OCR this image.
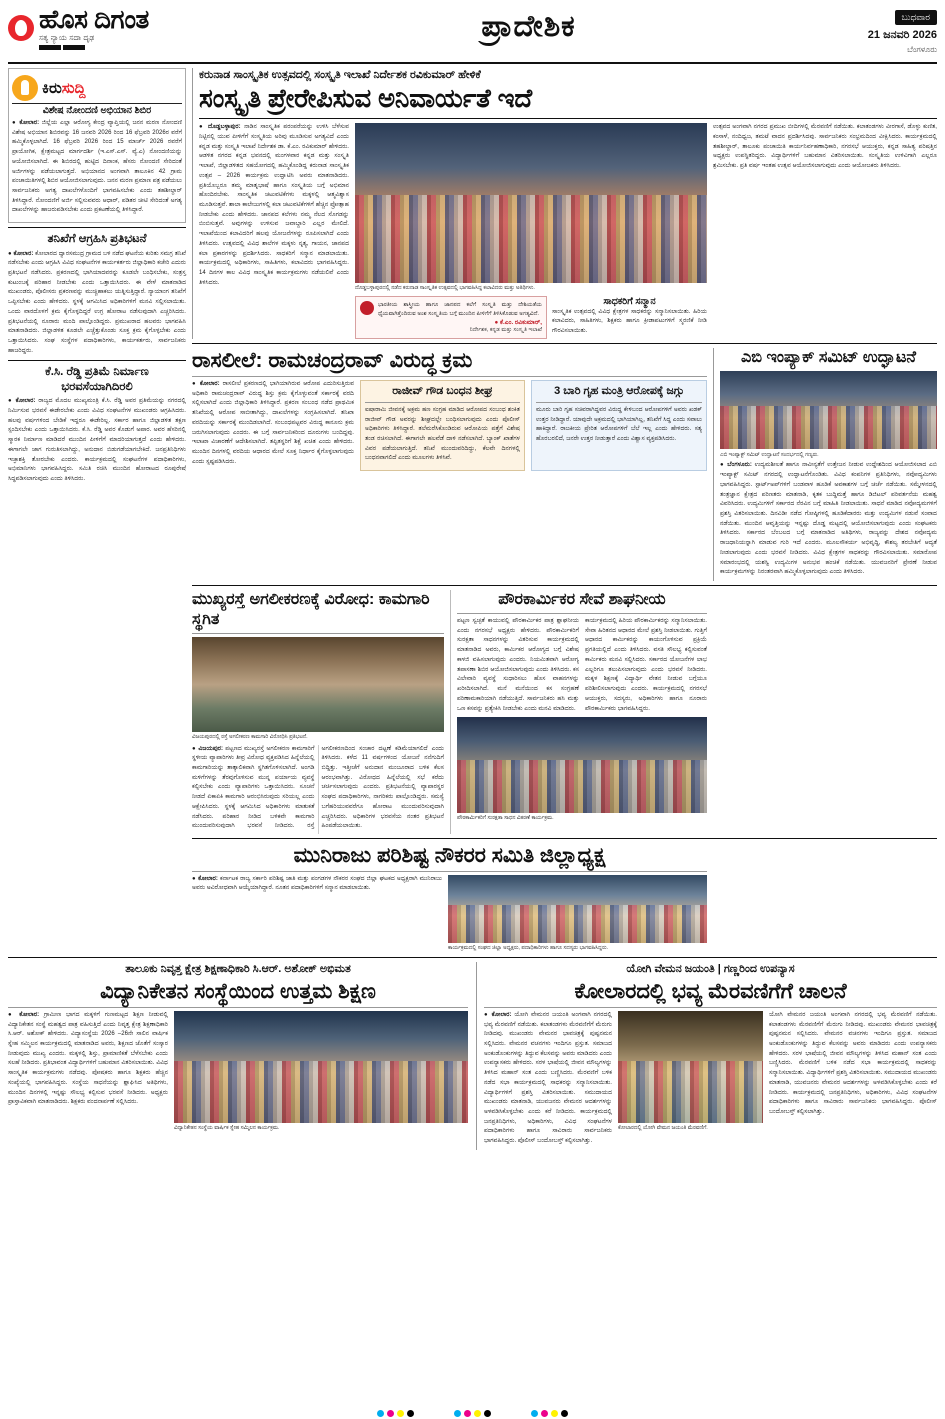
ಹೊಸ ದಿಗಂತ
ಸತ್ಯ ನ್ಯಾಯ ಸದಾ ದೃಢ	ಪ್ರಾದೇಶಿಕ	ಬುಧವಾರ
21 ಜನವರಿ 2026
ಬೆಂಗಳೂರು
ಕಿರುಸುದ್ದಿ
ವಿಶೇಷ ನೋಂದಣಿ ಅಭಿಯಾನ ಶಿಬಿರ

● ಕೋಲಾರ: ಜಿಲ್ಲೆಯ ಎಲ್ಲಾ ಆರೋಗ್ಯ ಕೇಂದ್ರ ವ್ಯಾಪ್ತಿಯಲ್ಲಿ ಜನನ ಮರಣ ನೋಂದಣಿ ವಿಶೇಷ ಅಭಿಯಾನ ಶಿಬಿರವನ್ನು 16 ಜನವರಿ 2026 ರಿಂದ 16 ಫೆಬ್ರವರಿ 2026ರ ವರೆಗೆ ಹಮ್ಮಿಕೊಳ್ಳಲಾಗಿದೆ. 16 ಫೆಬ್ರವರಿ 2026 ರಿಂದ 15 ಮಾರ್ಚ್ 2026 ರವರೆಗೆ ಪ್ರಾಯೋಗಿಕ, ಕ್ಷೇತ್ರಮಟ್ಟದ ಮಾರ್ಗದರ್ಶಿ (ಇ.ಎಸ್.ಎಸ್. ವ್ಯೆ.ಎ) ನೋಂದಣಿಯನ್ನು ಆಯೋಜಿಸಲಾಗಿದೆ. ಈ ಶಿಬಿರದಲ್ಲಿ ಹುಟ್ಟಿದ ದಿನಾಂಕ, ಹೆಸರು ನೋಂದಣಿ ಸೇರಿದಂತೆ ಅರ್ಜಿಗಳನ್ನು ಪಡೆಯಲಾಗುತ್ತದೆ. ಅಭಿಯಾನದ ಅಂಗವಾಗಿ ತಾಲೂಕಿನ 42 ಗ್ರಾಮ ಪಂಚಾಯಿತಿಗಳಲ್ಲಿ ಶಿಬಿರ ಆಯೋಜಿಸಲಾಗುವುದು. ಜನನ ಮರಣ ಪ್ರಮಾಣ ಪತ್ರ ಪಡೆಯಲು ಸಾರ್ವಜನಿಕರು ಅಗತ್ಯ ದಾಖಲೆಗಳೊಂದಿಗೆ ಭಾಗವಹಿಸಬೇಕು ಎಂದು ತಹಶೀಲ್ದಾರ್ ತಿಳಿಸಿದ್ದಾರೆ. ನೋಂದಣಿಗೆ ಅರ್ಜಿ ಸಲ್ಲಿಸುವವರು ಆಧಾರ್, ಪಡಿತರ ಚೀಟಿ ಸೇರಿದಂತೆ ಅಗತ್ಯ ದಾಖಲೆಗಳನ್ನು ಹಾಜರುಪಡಿಸಬೇಕು ಎಂದು ಪ್ರಕಟಣೆಯಲ್ಲಿ ತಿಳಿಸಿದ್ದಾರೆ.

ತನಿಖೆಗೆ ಆಗ್ರಹಿಸಿ ಪ್ರತಿಭಟನೆ

● ಕೋಲಾರ: ಕೋಲಾರದ ದ್ವಾರಸಮುದ್ರ ಗ್ರಾಮದ ಬಳಿ ನಡೆದ ಘಟನೆಯ ಕುರಿತು ಸಮಗ್ರ ತನಿಖೆ ನಡೆಸಬೇಕು ಎಂದು ಆಗ್ರಹಿಸಿ ವಿವಿಧ ಸಂಘಟನೆಗಳ ಕಾರ್ಯಕರ್ತರು ಜಿಲ್ಲಾಧಿಕಾರಿ ಕಚೇರಿ ಎದುರು ಪ್ರತಿಭಟನೆ ನಡೆಸಿದರು. ಪ್ರಕರಣದಲ್ಲಿ ಭಾಗಿಯಾದವರನ್ನು ಕೂಡಲೇ ಬಂಧಿಸಬೇಕು, ಸಂತ್ರಸ್ತ ಕುಟುಂಬಕ್ಕೆ ಪರಿಹಾರ ನೀಡಬೇಕು ಎಂದು ಒತ್ತಾಯಿಸಿದರು. ಈ ವೇಳೆ ಮಾತನಾಡಿದ ಮುಖಂಡರು, ಪೊಲೀಸರು ಪ್ರಕರಣವನ್ನು ಮುಚ್ಚಿಹಾಕಲು ಯತ್ನಿಸುತ್ತಿದ್ದಾರೆ. ನ್ಯಾಯಾಂಗ ತನಿಖೆಗೆ ಒಪ್ಪಿಸಬೇಕು ಎಂದು ಹೇಳಿದರು. ಸ್ಥಳಕ್ಕೆ ಆಗಮಿಸಿದ ಅಧಿಕಾರಿಗಳಿಗೆ ಮನವಿ ಸಲ್ಲಿಸಲಾಯಿತು. ಒಂದು ವಾರದೊಳಗೆ ಕ್ರಮ ಕೈಗೊಳ್ಳದಿದ್ದರೆ ಉಗ್ರ ಹೋರಾಟ ನಡೆಸುವುದಾಗಿ ಎಚ್ಚರಿಸಿದರು. ಪ್ರತಿಭಟನೆಯಲ್ಲಿ ನೂರಾರು ಮಂದಿ ಪಾಲ್ಗೊಂಡಿದ್ದರು. ಪ್ರಮುಖರಾದ ಹಲವರು ಭಾಗವಹಿಸಿ ಮಾತನಾಡಿದರು. ಜಿಲ್ಲಾಡಳಿತ ಕೂಡಲೇ ಎಚ್ಚೆತ್ತುಕೊಂಡು ಸೂಕ್ತ ಕ್ರಮ ಕೈಗೊಳ್ಳಬೇಕು ಎಂದು ಒತ್ತಾಯಿಸಿದರು. ಸಂಘ ಸಂಸ್ಥೆಗಳ ಪದಾಧಿಕಾರಿಗಳು, ಕಾರ್ಯಕರ್ತರು, ಸಾರ್ವಜನಿಕರು ಹಾಜರಿದ್ದರು.

ಕೆ.ಸಿ. ರೆಡ್ಡಿ ಪ್ರತಿಮೆ ನಿರ್ಮಾಣ ಭರವಸೆಯಾಗಿದಿರಲಿ

● ಕೋಲಾರ: ರಾಜ್ಯದ ಮೊದಲ ಮುಖ್ಯಮಂತ್ರಿ ಕೆ.ಸಿ. ರೆಡ್ಡಿ ಅವರ ಪ್ರತಿಮೆಯನ್ನು ನಗರದಲ್ಲಿ ನಿರ್ಮಿಸುವ ಭರವಸೆ ಈಡೇರಬೇಕು ಎಂದು ವಿವಿಧ ಸಂಘಟನೆಗಳ ಮುಖಂಡರು ಆಗ್ರಹಿಸಿದರು. ಹಲವು ವರ್ಷಗಳಿಂದ ಬೇಡಿಕೆ ಇದ್ದರೂ ಈಡೇರಿಲ್ಲ. ಸರ್ಕಾರ ಹಾಗೂ ಜಿಲ್ಲಾಡಳಿತ ತಕ್ಷಣ ಸ್ಪಂದಿಸಬೇಕು ಎಂದು ಒತ್ತಾಯಿಸಿದರು. ಕೆ.ಸಿ. ರೆಡ್ಡಿ ಅವರ ಕೊಡುಗೆ ಅಪಾರ. ಅವರ ಹೆಸರಿನಲ್ಲಿ ಸ್ಮಾರಕ ನಿರ್ಮಾಣ ಮಾಡಿದರೆ ಮುಂದಿನ ಪೀಳಿಗೆಗೆ ಮಾದರಿಯಾಗುತ್ತದೆ ಎಂದು ಹೇಳಿದರು. ಈಗಾಗಲೇ ಜಾಗ ಗುರುತಿಸಲಾಗಿದ್ದು, ಅನುದಾನ ಬಿಡುಗಡೆಯಾಗಬೇಕಿದೆ. ಜನಪ್ರತಿನಿಧಿಗಳು ಇಚ್ಛಾಶಕ್ತಿ ತೋರಬೇಕು ಎಂದರು. ಕಾರ್ಯಕ್ರಮದಲ್ಲಿ ಸಂಘಟನೆಗಳ ಪದಾಧಿಕಾರಿಗಳು, ಅಭಿಮಾನಿಗಳು ಭಾಗವಹಿಸಿದ್ದರು. ಸಮಿತಿ ರಚಿಸಿ ಮುಂದಿನ ಹೋರಾಟದ ರೂಪುರೇಷೆ ಸಿದ್ಧಪಡಿಸಲಾಗುವುದು ಎಂದು ತಿಳಿಸಿದರು.

ಕರುನಾಡ ಸಾಂಸ್ಕೃತಿಕ ಉತ್ಸವದಲ್ಲಿ ಸಂಸ್ಕೃತಿ ಇಲಾಖೆ ನಿರ್ದೇಶಕ ರವಿಕುಮಾರ್ ಹೇಳಿಕೆ
ಸಂಸ್ಕೃತಿ ಪ್ರೇರೇಪಿಸುವ ಅನಿವಾರ್ಯತೆ ಇದೆ

● ದೊಡ್ಡಬಳ್ಳಾಪುರ: ನಾಡಿನ ಸಾಂಸ್ಕೃತಿಕ ಪರಂಪರೆಯನ್ನು ಉಳಿಸಿ ಬೆಳೆಸುವ ನಿಟ್ಟಿನಲ್ಲಿ ಯುವ ಪೀಳಿಗೆಗೆ ಸಂಸ್ಕೃತಿಯ ಅರಿವು ಮೂಡಿಸುವ ಅಗತ್ಯವಿದೆ ಎಂದು ಕನ್ನಡ ಮತ್ತು ಸಂಸ್ಕೃತಿ ಇಲಾಖೆ ನಿರ್ದೇಶಕ ಡಾ. ಕೆ.ಎಂ. ರವಿಕುಮಾರ್ ಹೇಳಿದರು. ಆಡಳಿತ ನಗರದ ಕನ್ನಡ ಭವನದಲ್ಲಿ ಮಂಗಳವಾರ ಕನ್ನಡ ಮತ್ತು ಸಂಸ್ಕೃತಿ ಇಲಾಖೆ, ಜಿಲ್ಲಾಡಳಿತದ ಸಹಯೋಗದಲ್ಲಿ ಹಮ್ಮಿಕೊಂಡಿದ್ದ ಕರುನಾಡ ಸಾಂಸ್ಕೃತಿಕ ಉತ್ಸವ – 2026 ಕಾರ್ಯಕ್ರಮ ಉದ್ಘಾಟಿಸಿ ಅವರು ಮಾತನಾಡಿದರು. ಪ್ರತಿಯೊಬ್ಬರೂ ತಮ್ಮ ಮಾತೃಭಾಷೆ ಹಾಗೂ ಸಂಸ್ಕೃತಿಯ ಬಗ್ಗೆ ಅಭಿಮಾನ ಹೊಂದಿರಬೇಕು. ಸಾಂಸ್ಕೃತಿಕ ಚಟುವಟಿಕೆಗಳು ಮಕ್ಕಳಲ್ಲಿ ಆತ್ಮವಿಶ್ವಾಸ ಮೂಡಿಸುತ್ತವೆ. ಶಾಲಾ ಕಾಲೇಜುಗಳಲ್ಲಿ ಕಲಾ ಚಟುವಟಿಕೆಗಳಿಗೆ ಹೆಚ್ಚಿನ ಪ್ರೋತ್ಸಾಹ ನೀಡಬೇಕು ಎಂದು ಹೇಳಿದರು. ಜಾನಪದ ಕಲೆಗಳು ನಮ್ಮ ನೆಲದ ಸೊಗಡನ್ನು ಬಿಂಬಿಸುತ್ತವೆ. ಅವುಗಳನ್ನು ಉಳಿಸುವ ಜವಾಬ್ದಾರಿ ಎಲ್ಲರ ಮೇಲಿದೆ. ಇಲಾಖೆಯಿಂದ ಕಲಾವಿದರಿಗೆ ಹಲವು ಯೋಜನೆಗಳನ್ನು ರೂಪಿಸಲಾಗಿದೆ ಎಂದು ತಿಳಿಸಿದರು. ಉತ್ಸವದಲ್ಲಿ ವಿವಿಧ ಶಾಲೆಗಳ ಮಕ್ಕಳು ನೃತ್ಯ, ಗಾಯನ, ಜಾನಪದ ಕಲಾ ಪ್ರಕಾರಗಳನ್ನು ಪ್ರದರ್ಶಿಸಿದರು. ಸಾಧಕರಿಗೆ ಸನ್ಮಾನ ಮಾಡಲಾಯಿತು. ಕಾರ್ಯಕ್ರಮದಲ್ಲಿ ಅಧಿಕಾರಿಗಳು, ಸಾಹಿತಿಗಳು, ಕಲಾವಿದರು ಭಾಗವಹಿಸಿದ್ದರು. 14 ದಿನಗಳ ಕಾಲ ವಿವಿಧ ಸಾಂಸ್ಕೃತಿಕ ಕಾರ್ಯಕ್ರಮಗಳು ನಡೆಯಲಿವೆ ಎಂದು ತಿಳಿಸಿದರು.

ದೊಡ್ಡಬಳ್ಳಾಪುರದಲ್ಲಿ ನಡೆದ ಕರುನಾಡ ಸಾಂಸ್ಕೃತಿಕ ಉತ್ಸವದಲ್ಲಿ ಭಾಗವಹಿಸಿದ್ದ ಕಲಾವಿದರು ಮತ್ತು ಅತಿಥಿಗಳು.
ಭಾರತೀಯ ಶಾಸ್ತ್ರೀಯ ಹಾಗೂ ಜಾನಪದ ಕಲೆಗೆ ಸಂಸ್ಕೃತಿ ಮತ್ತು ದೇಶಿಯತೆಯ ಧ್ಯೆಯವಾಗಿತ್ತೆಂದಿರುವ ಅಂಶ ಸಂಸ್ಕೃತಿಯ ಬಗ್ಗೆ ಮುಂದಿನ ಪೀಳಿಗೆಗೆ ತಿಳಿಸಿಕೊಡುವ ಅಗತ್ಯವಿದೆ.
● ಕೆ.ಎಂ. ರವಿಕುಮಾರ್,
ನಿರ್ದೇಶಕ, ಕನ್ನಡ ಮತ್ತು ಸಂಸ್ಕೃತಿ ಇಲಾಖೆ
ಸಾಧಕರಿಗೆ ಸನ್ಮಾನ
ಸಾಂಸ್ಕೃತಿಕ ಉತ್ಸವದಲ್ಲಿ ವಿವಿಧ ಕ್ಷೇತ್ರಗಳ ಸಾಧಕರನ್ನು ಸನ್ಮಾನಿಸಲಾಯಿತು. ಹಿರಿಯ ಕಲಾವಿದರು, ಸಾಹಿತಿಗಳು, ಶಿಕ್ಷಕರು ಹಾಗೂ ಕ್ರೀಡಾಪಟುಗಳಿಗೆ ಸ್ಮರಣಿಕೆ ನೀಡಿ ಗೌರವಿಸಲಾಯಿತು.
ಉತ್ಸವದ ಅಂಗವಾಗಿ ನಗರದ ಪ್ರಮುಖ ಬೀದಿಗಳಲ್ಲಿ ಮೆರವಣಿಗೆ ನಡೆಯಿತು. ಕಲಾತಂಡಗಳು ವೀರಗಾಸೆ, ಡೊಳ್ಳು ಕುಣಿತ, ಕಂಸಾಳೆ, ನಂದಿಧ್ವಜ, ತಮಟೆ ವಾದನ ಪ್ರದರ್ಶಿಸಿದವು. ಸಾರ್ವಜನಿಕರು ಸಂಭ್ರಮದಿಂದ ವೀಕ್ಷಿಸಿದರು. ಕಾರ್ಯಕ್ರಮದಲ್ಲಿ ತಹಶೀಲ್ದಾರ್, ತಾಲೂಕು ಪಂಚಾಯಿತಿ ಕಾರ್ಯನಿರ್ವಹಣಾಧಿಕಾರಿ, ನಗರಸಭೆ ಆಯುಕ್ತರು, ಕನ್ನಡ ಸಾಹಿತ್ಯ ಪರಿಷತ್ತಿನ ಅಧ್ಯಕ್ಷರು ಉಪಸ್ಥಿತರಿದ್ದರು. ವಿದ್ಯಾರ್ಥಿಗಳಿಗೆ ಬಹುಮಾನ ವಿತರಿಸಲಾಯಿತು. ಸಂಸ್ಕೃತಿಯ ಉಳಿವಿಗಾಗಿ ಎಲ್ಲರೂ ಶ್ರಮಿಸಬೇಕು. ಪ್ರತಿ ವರ್ಷ ಇಂತಹ ಉತ್ಸವ ಆಯೋಜಿಸಲಾಗುವುದು ಎಂದು ಆಯೋಜಕರು ತಿಳಿಸಿದರು.
ರಾಸಲೀಲೆ: ರಾಮಚಂದ್ರರಾವ್ ವಿರುದ್ಧ ಕ್ರಮ

● ಕೋಲಾರ: ರಾಸಲೀಲೆ ಪ್ರಕರಣದಲ್ಲಿ ಭಾಗಿಯಾಗಿರುವ ಆರೋಪ ಎದುರಿಸುತ್ತಿರುವ ಅಧಿಕಾರಿ ರಾಮಚಂದ್ರರಾವ್ ವಿರುದ್ಧ ಶಿಸ್ತು ಕ್ರಮ ಕೈಗೊಳ್ಳುವಂತೆ ಸರ್ಕಾರಕ್ಕೆ ವರದಿ ಸಲ್ಲಿಸಲಾಗಿದೆ ಎಂದು ಜಿಲ್ಲಾಧಿಕಾರಿ ತಿಳಿಸಿದ್ದಾರೆ. ಪ್ರಕರಣ ಸಂಬಂಧ ನಡೆದ ಪ್ರಾಥಮಿಕ ತನಿಖೆಯಲ್ಲಿ ಆರೋಪ ಸಾಬೀತಾಗಿದ್ದು, ದಾಖಲೆಗಳನ್ನು ಸಂಗ್ರಹಿಸಲಾಗಿದೆ. ತನಿಖಾ ವರದಿಯನ್ನು ಸರ್ಕಾರಕ್ಕೆ ಮುಂದಿಡಲಾಗಿದೆ. ಸಂಬಂಧಪಟ್ಟವರ ವಿರುದ್ಧ ಕಾನೂನು ಕ್ರಮ ಜರುಗಿಸಲಾಗುವುದು ಎಂದರು. ಈ ಬಗ್ಗೆ ಸಾರ್ವಜನಿಕರಿಂದ ದೂರುಗಳು ಬಂದಿದ್ದವು. ಇಲಾಖಾ ವಿಚಾರಣೆಗೆ ಆದೇಶಿಸಲಾಗಿದೆ. ತಪ್ಪಿತಸ್ಥರಿಗೆ ಶಿಕ್ಷೆ ಖಚಿತ ಎಂದು ಹೇಳಿದರು. ಮುಂದಿನ ದಿನಗಳಲ್ಲಿ ವರದಿಯ ಆಧಾರದ ಮೇಲೆ ಸೂಕ್ತ ನಿರ್ಧಾರ ಕೈಗೊಳ್ಳಲಾಗುವುದು ಎಂದು ಸ್ಪಷ್ಟಪಡಿಸಿದರು.

ರಾಜೀವ್ ಗೌಡ ಬಂಧನ ಶೀಘ್ರ
ಐಷಾರಾಮಿ ಜೀವನಕ್ಕೆ ಅಕ್ರಮ ಹಣ ಸಂಗ್ರಹ ಮಾಡಿದ ಆರೋಪದ ಸಂಬಂಧ ಶಂಕಿತ ರಾಜೀವ್ ಗೌಡ ಅವರನ್ನು ಶೀಘ್ರದಲ್ಲೇ ಬಂಧಿಸಲಾಗುವುದು ಎಂದು ಪೊಲೀಸ್ ಅಧಿಕಾರಿಗಳು ತಿಳಿಸಿದ್ದಾರೆ. ತಲೆಮರೆಸಿಕೊಂಡಿರುವ ಆರೋಪಿಯ ಪತ್ತೆಗೆ ವಿಶೇಷ ತಂಡ ರಚಿಸಲಾಗಿದೆ. ಈಗಾಗಲೇ ಹಲವೆಡೆ ದಾಳಿ ನಡೆಸಲಾಗಿದೆ. ಬ್ಯಾಂಕ್ ಖಾತೆಗಳ ವಿವರ ಪಡೆಯಲಾಗುತ್ತಿದೆ. ತನಿಖೆ ಮುಂದುವರಿದಿದ್ದು, ಕೆಲವೇ ದಿನಗಳಲ್ಲಿ ಬಂಧನವಾಗಲಿದೆ ಎಂದು ಮೂಲಗಳು ತಿಳಿಸಿವೆ.
3 ಬಾರಿ ಗೃಹ ಮಂತ್ರಿ ಆರೋಪಕ್ಕೆ ಜಗ್ಗು
ಮೂರು ಬಾರಿ ಗೃಹ ಸಚಿವರಾಗಿದ್ದವರ ವಿರುದ್ಧ ಕೇಳಿಬಂದ ಆರೋಪಗಳಿಗೆ ಅವರು ಖಡಕ್ ಉತ್ತರ ನೀಡಿದ್ದಾರೆ. ಯಾವುದೇ ಅಕ್ರಮದಲ್ಲಿ ಭಾಗಿಯಾಗಿಲ್ಲ, ತನಿಖೆಗೆ ಸಿದ್ಧ ಎಂದು ಸವಾಲು ಹಾಕಿದ್ದಾರೆ. ರಾಜಕೀಯ ಪ್ರೇರಿತ ಆರೋಪಗಳಿಗೆ ಬೆಲೆ ಇಲ್ಲ ಎಂದು ಹೇಳಿದರು. ಸತ್ಯ ಹೊರಬರಲಿದೆ, ಜನರೇ ಉತ್ತರ ನೀಡುತ್ತಾರೆ ಎಂದು ವಿಶ್ವಾಸ ವ್ಯಕ್ತಪಡಿಸಿದರು.
ಎಬಿ ಇಂಪ್ಯಾಕ್ ಸಮಿಟ್ ಉದ್ಘಾಟನೆ
ಎಬಿ ಇಂಪ್ಯಾಕ್ಟ್ ಸಮಿಟ್ ಉದ್ಘಾಟನೆ ಸಂದರ್ಭದಲ್ಲಿ ಗಣ್ಯರು.

● ಬೆಂಗಳೂರು: ಉದ್ಯಮಶೀಲತೆ ಹಾಗೂ ನಾವೀನ್ಯತೆಗೆ ಉತ್ತೇಜನ ನೀಡುವ ಉದ್ದೇಶದಿಂದ ಆಯೋಜಿಸಲಾದ ಎಬಿ ಇಂಪ್ಯಾಕ್ಟ್ ಸಮಿಟ್ ನಗರದಲ್ಲಿ ಉದ್ಘಾಟನೆಗೊಂಡಿತು. ವಿವಿಧ ಕಂಪನಿಗಳ ಪ್ರತಿನಿಧಿಗಳು, ನವೋದ್ಯಮಿಗಳು ಭಾಗವಹಿಸಿದ್ದರು. ಸ್ಟಾರ್ಟ್‌ಅಪ್‌ಗಳಿಗೆ ಬಂಡವಾಳ ಹೂಡಿಕೆ ಅವಕಾಶಗಳ ಬಗ್ಗೆ ಚರ್ಚೆ ನಡೆಯಿತು. ಸಮ್ಮೇಳನದಲ್ಲಿ ತಂತ್ರಜ್ಞಾನ ಕ್ಷೇತ್ರದ ಪರಿಣತರು ಮಾತನಾಡಿ, ಕೃತಕ ಬುದ್ಧಿಮತ್ತೆ ಹಾಗೂ ಡಿಜಿಟಲ್ ಪರಿವರ್ತನೆಯ ಮಹತ್ವ ವಿವರಿಸಿದರು. ಉದ್ಯಮಿಗಳಿಗೆ ಸರ್ಕಾರದ ನೆರವಿನ ಬಗ್ಗೆ ಮಾಹಿತಿ ನೀಡಲಾಯಿತು. ಸಾಧನೆ ಮಾಡಿದ ನವೋದ್ಯಮಗಳಿಗೆ ಪ್ರಶಸ್ತಿ ವಿತರಿಸಲಾಯಿತು. ದಿನವಿಡೀ ನಡೆದ ಗೋಷ್ಠಿಗಳಲ್ಲಿ ಹೂಡಿಕೆದಾರರು ಮತ್ತು ಉದ್ಯಮಿಗಳ ನಡುವೆ ಸಂವಾದ ನಡೆಯಿತು. ಮುಂದಿನ ಆವೃತ್ತಿಯನ್ನು ಇನ್ನಷ್ಟು ದೊಡ್ಡ ಮಟ್ಟದಲ್ಲಿ ಆಯೋಜಿಸಲಾಗುವುದು ಎಂದು ಸಂಘಟಕರು ತಿಳಿಸಿದರು. ಸರ್ಕಾರದ ಬೆಂಬಲದ ಬಗ್ಗೆ ಮಾತನಾಡಿದ ಅತಿಥಿಗಳು, ರಾಜ್ಯವನ್ನು ದೇಶದ ನವೋದ್ಯಮ ರಾಜಧಾನಿಯನ್ನಾಗಿ ಮಾಡುವ ಗುರಿ ಇದೆ ಎಂದರು. ಮೂಲಸೌಕರ್ಯ ಅಭಿವೃದ್ಧಿ, ಕೌಶಲ್ಯ ತರಬೇತಿಗೆ ಆದ್ಯತೆ ನೀಡಲಾಗುವುದು ಎಂದು ಭರವಸೆ ನೀಡಿದರು. ವಿವಿಧ ಕ್ಷೇತ್ರಗಳ ಸಾಧಕರನ್ನು ಗೌರವಿಸಲಾಯಿತು. ಸಮಾರೋಪ ಸಮಾರಂಭದಲ್ಲಿ ಯಶಸ್ವಿ ಉದ್ಯಮಿಗಳ ಅನುಭವ ಹಂಚಿಕೆ ನಡೆಯಿತು. ಯುವಜನರಿಗೆ ಪ್ರೇರಣೆ ನೀಡುವ ಕಾರ್ಯಕ್ರಮಗಳನ್ನು ನಿರಂತರವಾಗಿ ಹಮ್ಮಿಕೊಳ್ಳಲಾಗುವುದು ಎಂದು ತಿಳಿಸಿದರು.

ಮುಖ್ಯರಸ್ತೆ ಅಗಲೀಕರಣಕ್ಕೆ ವಿರೋಧ: ಕಾಮಗಾರಿ ಸ್ಥಗಿತ
ವಿಜಯಪುರದಲ್ಲಿ ರಸ್ತೆ ಅಗಲೀಕರಣ ಕಾಮಗಾರಿ ವಿರೋಧಿಸಿ ಪ್ರತಿಭಟನೆ.

● ವಿಜಯಪುರ: ಪಟ್ಟಣದ ಮುಖ್ಯರಸ್ತೆ ಅಗಲೀಕರಣ ಕಾಮಗಾರಿಗೆ ಸ್ಥಳೀಯ ವ್ಯಾಪಾರಿಗಳು ತೀವ್ರ ವಿರೋಧ ವ್ಯಕ್ತಪಡಿಸಿದ ಹಿನ್ನೆಲೆಯಲ್ಲಿ ಕಾಮಗಾರಿಯನ್ನು ತಾತ್ಕಾಲಿಕವಾಗಿ ಸ್ಥಗಿತಗೊಳಿಸಲಾಗಿದೆ. ಅಂಗಡಿ ಮಳಿಗೆಗಳನ್ನು ತೆರವುಗೊಳಿಸುವ ಮುನ್ನ ಪರ್ಯಾಯ ವ್ಯವಸ್ಥೆ ಕಲ್ಪಿಸಬೇಕು ಎಂದು ವ್ಯಾಪಾರಿಗಳು ಒತ್ತಾಯಿಸಿದರು. ಸೂಚನೆ ನೀಡದೆ ಏಕಾಏಕಿ ಕಾಮಗಾರಿ ಆರಂಭಿಸಿರುವುದು ಸರಿಯಲ್ಲ ಎಂದು ಆಕ್ಷೇಪಿಸಿದರು. ಸ್ಥಳಕ್ಕೆ ಆಗಮಿಸಿದ ಅಧಿಕಾರಿಗಳು ಮಾತುಕತೆ ನಡೆಸಿದರು. ಪರಿಹಾರ ನೀಡಿದ ಬಳಿಕವೇ ಕಾಮಗಾರಿ ಮುಂದುವರಿಸುವುದಾಗಿ ಭರವಸೆ ನೀಡಿದರು. ರಸ್ತೆ ಅಗಲೀಕರಣದಿಂದ ಸಂಚಾರ ದಟ್ಟಣೆ ಕಡಿಮೆಯಾಗಲಿದೆ ಎಂದು ತಿಳಿಸಿದರು. ಕಳೆದ 11 ವರ್ಷಗಳಿಂದ ಯೋಜನೆ ನನೆಗುದಿಗೆ ಬಿದ್ದಿತ್ತು. ಇತ್ತೀಚೆಗೆ ಅನುದಾನ ಮಂಜೂರಾದ ಬಳಿಕ ಕೆಲಸ ಆರಂಭವಾಗಿತ್ತು. ವಿರೋಧದ ಹಿನ್ನೆಲೆಯಲ್ಲಿ ಸಭೆ ಕರೆದು ಚರ್ಚಿಸಲಾಗುವುದು ಎಂದರು. ಪ್ರತಿಭಟನೆಯಲ್ಲಿ ವ್ಯಾಪಾರಸ್ಥರ ಸಂಘದ ಪದಾಧಿಕಾರಿಗಳು, ನಾಗರಿಕರು ಪಾಲ್ಗೊಂಡಿದ್ದರು. ಸಮಸ್ಯೆ ಬಗೆಹರಿಯುವವರೆಗೂ ಹೋರಾಟ ಮುಂದುವರಿಸುವುದಾಗಿ ಎಚ್ಚರಿಸಿದರು. ಅಧಿಕಾರಿಗಳ ಭರವಸೆಯ ನಂತರ ಪ್ರತಿಭಟನೆ ಹಿಂಪಡೆಯಲಾಯಿತು.

ಪೌರಕಾರ್ಮಿಕರ ಸೇವೆ ಶಾಘನೀಯ
ಪಟ್ಟಣ ಸ್ವಚ್ಛತೆ ಕಾಯುವಲ್ಲಿ ಪೌರಕಾರ್ಮಿಕರ ಪಾತ್ರ ಶ್ಲಾಘನೀಯ ಎಂದು ನಗರಸಭೆ ಅಧ್ಯಕ್ಷರು ಹೇಳಿದರು. ಪೌರಕಾರ್ಮಿಕರಿಗೆ ಸುರಕ್ಷತಾ ಸಾಧನಗಳನ್ನು ವಿತರಿಸುವ ಕಾರ್ಯಕ್ರಮದಲ್ಲಿ ಮಾತನಾಡಿದ ಅವರು, ಕಾರ್ಮಿಕರ ಆರೋಗ್ಯದ ಬಗ್ಗೆ ವಿಶೇಷ ಕಾಳಜಿ ವಹಿಸಲಾಗುವುದು ಎಂದರು. ನಿಯಮಿತವಾಗಿ ಆರೋಗ್ಯ ತಪಾಸಣಾ ಶಿಬಿರ ಆಯೋಜಿಸಲಾಗುವುದು ಎಂದು ತಿಳಿಸಿದರು. ಕಸ ವಿಲೇವಾರಿ ವ್ಯವಸ್ಥೆ ಸುಧಾರಿಸಲು ಹೊಸ ವಾಹನಗಳನ್ನು ಖರೀದಿಸಲಾಗಿದೆ. ಮನೆ ಮನೆಯಿಂದ ಕಸ ಸಂಗ್ರಹಣೆ ಪರಿಣಾಮಕಾರಿಯಾಗಿ ನಡೆಯುತ್ತಿದೆ. ಸಾರ್ವಜನಿಕರು ಹಸಿ ಮತ್ತು ಒಣ ಕಸವನ್ನು ಪ್ರತ್ಯೇಕಿಸಿ ನೀಡಬೇಕು ಎಂದು ಮನವಿ ಮಾಡಿದರು.
ಕಾರ್ಯಕ್ರಮದಲ್ಲಿ ಹಿರಿಯ ಪೌರಕಾರ್ಮಿಕರನ್ನು ಸನ್ಮಾನಿಸಲಾಯಿತು. ಸೇವಾ ಹಿರಿತನದ ಆಧಾರದ ಮೇಲೆ ಪ್ರಶಸ್ತಿ ನೀಡಲಾಯಿತು. ಗುತ್ತಿಗೆ ಆಧಾರದ ಕಾರ್ಮಿಕರನ್ನು ಕಾಯಂಗೊಳಿಸುವ ಪ್ರಕ್ರಿಯೆ ಪ್ರಗತಿಯಲ್ಲಿದೆ ಎಂದು ತಿಳಿಸಿದರು. ವಸತಿ ಸೌಲಭ್ಯ ಕಲ್ಪಿಸುವಂತೆ ಕಾರ್ಮಿಕರು ಮನವಿ ಸಲ್ಲಿಸಿದರು. ಸರ್ಕಾರದ ಯೋಜನೆಗಳ ಲಾಭ ಎಲ್ಲರಿಗೂ ತಲುಪಿಸಲಾಗುವುದು ಎಂದು ಭರವಸೆ ನೀಡಿದರು. ಮಕ್ಕಳ ಶಿಕ್ಷಣಕ್ಕೆ ವಿದ್ಯಾರ್ಥಿ ವೇತನ ನೀಡುವ ಬಗ್ಗೆಯೂ ಪರಿಶೀಲಿಸಲಾಗುವುದು ಎಂದರು. ಕಾರ್ಯಕ್ರಮದಲ್ಲಿ ನಗರಸಭೆ ಆಯುಕ್ತರು, ಸದಸ್ಯರು, ಅಧಿಕಾರಿಗಳು ಹಾಗೂ ನೂರಾರು ಪೌರಕಾರ್ಮಿಕರು ಭಾಗವಹಿಸಿದ್ದರು.
ಪೌರಕಾರ್ಮಿಕರಿಗೆ ಸುರಕ್ಷತಾ ಸಾಧನ ವಿತರಣೆ ಕಾರ್ಯಕ್ರಮ.
ಮುನಿರಾಜು ಪರಿಶಿಷ್ಟ ನೌಕರರ ಸಮಿತಿ ಜಿಲ್ಲಾಧ್ಯಕ್ಷ

● ಕೋಲಾರ: ಕರ್ನಾಟಕ ರಾಜ್ಯ ಸರ್ಕಾರಿ ಪರಿಶಿಷ್ಟ ಜಾತಿ ಮತ್ತು ಪಂಗಡಗಳ ನೌಕರರ ಸಂಘದ ಜಿಲ್ಲಾ ಘಟಕದ ಅಧ್ಯಕ್ಷರಾಗಿ ಮುನಿರಾಜು ಅವರು ಅವಿರೋಧವಾಗಿ ಆಯ್ಕೆಯಾಗಿದ್ದಾರೆ. ನೂತನ ಪದಾಧಿಕಾರಿಗಳಿಗೆ ಸನ್ಮಾನ ಮಾಡಲಾಯಿತು.

ಕಾರ್ಯಕ್ರಮದಲ್ಲಿ ಸಂಘದ ಜಿಲ್ಲಾ ಅಧ್ಯಕ್ಷರು, ಪದಾಧಿಕಾರಿಗಳು ಹಾಗೂ ಸದಸ್ಯರು ಭಾಗವಹಿಸಿದ್ದರು.
ತಾಲೂಕು ನಿವೃತ್ತ ಕ್ಷೇತ್ರ ಶಿಕ್ಷಣಾಧಿಕಾರಿ ಸಿ.ಆರ್. ಅಶೋಕ್ ಅಭಿಮತ
ವಿದ್ಯಾನಿಕೇತನ ಸಂಸ್ಥೆಯಿಂದ ಉತ್ತಮ ಶಿಕ್ಷಣ

● ಕೋಲಾರ: ಗ್ರಾಮೀಣ ಭಾಗದ ಮಕ್ಕಳಿಗೆ ಗುಣಮಟ್ಟದ ಶಿಕ್ಷಣ ನೀಡುವಲ್ಲಿ ವಿದ್ಯಾನಿಕೇತನ ಸಂಸ್ಥೆ ಮಹತ್ವದ ಪಾತ್ರ ವಹಿಸುತ್ತಿದೆ ಎಂದು ನಿವೃತ್ತ ಕ್ಷೇತ್ರ ಶಿಕ್ಷಣಾಧಿಕಾರಿ ಸಿ.ಆರ್. ಅಶೋಕ್ ಹೇಳಿದರು. ವಿದ್ಯಾಸಂಸ್ಥೆಯ 2026 –26ನೇ ಸಾಲಿನ ವಾರ್ಷಿಕ ಸ್ನೇಹ ಸಮ್ಮಿಲನ ಕಾರ್ಯಕ್ರಮದಲ್ಲಿ ಮಾತನಾಡಿದ ಅವರು, ಶಿಕ್ಷಣದ ಜೊತೆಗೆ ಸಂಸ್ಕಾರ ನೀಡುವುದು ಮುಖ್ಯ ಎಂದರು. ಮಕ್ಕಳಲ್ಲಿ ಶಿಸ್ತು, ಪ್ರಾಮಾಣಿಕತೆ ಬೆಳೆಸಬೇಕು ಎಂದು ಸಲಹೆ ನೀಡಿದರು. ಪ್ರತಿಭಾವಂತ ವಿದ್ಯಾರ್ಥಿಗಳಿಗೆ ಬಹುಮಾನ ವಿತರಿಸಲಾಯಿತು. ವಿವಿಧ ಸಾಂಸ್ಕೃತಿಕ ಕಾರ್ಯಕ್ರಮಗಳು ನಡೆದವು. ಪೋಷಕರು ಹಾಗೂ ಶಿಕ್ಷಕರು ಹೆಚ್ಚಿನ ಸಂಖ್ಯೆಯಲ್ಲಿ ಭಾಗವಹಿಸಿದ್ದರು. ಸಂಸ್ಥೆಯ ಸಾಧನೆಯನ್ನು ಶ್ಲಾಘಿಸಿದ ಅತಿಥಿಗಳು, ಮುಂದಿನ ದಿನಗಳಲ್ಲಿ ಇನ್ನಷ್ಟು ಸೌಲಭ್ಯ ಕಲ್ಪಿಸುವ ಭರವಸೆ ನೀಡಿದರು. ಅಧ್ಯಕ್ಷರು ಪ್ರಾಸ್ತಾವಿಕವಾಗಿ ಮಾತನಾಡಿದರು. ಶಿಕ್ಷಕರು ವಂದನಾರ್ಪಣೆ ಸಲ್ಲಿಸಿದರು.

ವಿದ್ಯಾನಿಕೇತನ ಸಂಸ್ಥೆಯ ವಾರ್ಷಿಕ ಸ್ನೇಹ ಸಮ್ಮಿಲನ ಕಾರ್ಯಕ್ರಮ.
ಯೋಗಿ ವೇಮನ ಜಯಂತಿ | ಗಣ್ಣರಿಂದ ಉಪನ್ಯಾಸ
ಕೋಲಾರದಲ್ಲಿ ಭವ್ಯ ಮೆರವಣಿಗೆಗೆ ಚಾಲನೆ

● ಕೋಲಾರ: ಯೋಗಿ ವೇಮನರ ಜಯಂತಿ ಅಂಗವಾಗಿ ನಗರದಲ್ಲಿ ಭವ್ಯ ಮೆರವಣಿಗೆ ನಡೆಯಿತು. ಕಲಾತಂಡಗಳು ಮೆರವಣಿಗೆಗೆ ಮೆರುಗು ನೀಡಿದವು. ಮುಖಂಡರು ವೇಮನರ ಭಾವಚಿತ್ರಕ್ಕೆ ಪುಷ್ಪನಮನ ಸಲ್ಲಿಸಿದರು. ವೇಮನರ ವಚನಗಳು ಇಂದಿಗೂ ಪ್ರಸ್ತುತ. ಸಮಾಜದ ಅಂಕುಡೊಂಕುಗಳನ್ನು ತಿದ್ದುವ ಕೆಲಸವನ್ನು ಅವರು ಮಾಡಿದರು ಎಂದು ಉಪನ್ಯಾಸಕರು ಹೇಳಿದರು. ಸರಳ ಭಾಷೆಯಲ್ಲಿ ಜೀವನ ಮೌಲ್ಯಗಳನ್ನು ತಿಳಿಸಿದ ಮಹಾನ್ ಸಂತ ಎಂದು ಬಣ್ಣಿಸಿದರು. ಮೆರವಣಿಗೆ ಬಳಿಕ ನಡೆದ ಸಭಾ ಕಾರ್ಯಕ್ರಮದಲ್ಲಿ ಸಾಧಕರನ್ನು ಸನ್ಮಾನಿಸಲಾಯಿತು. ವಿದ್ಯಾರ್ಥಿಗಳಿಗೆ ಪ್ರಶಸ್ತಿ ವಿತರಿಸಲಾಯಿತು. ಸಮುದಾಯದ ಮುಖಂಡರು ಮಾತನಾಡಿ, ಯುವಜನರು ವೇಮನರ ಆದರ್ಶಗಳನ್ನು ಅಳವಡಿಸಿಕೊಳ್ಳಬೇಕು ಎಂದು ಕರೆ ನೀಡಿದರು. ಕಾರ್ಯಕ್ರಮದಲ್ಲಿ ಜನಪ್ರತಿನಿಧಿಗಳು, ಅಧಿಕಾರಿಗಳು, ವಿವಿಧ ಸಂಘಟನೆಗಳ ಪದಾಧಿಕಾರಿಗಳು ಹಾಗೂ ಸಾವಿರಾರು ಸಾರ್ವಜನಿಕರು ಭಾಗವಹಿಸಿದ್ದರು. ಪೊಲೀಸ್ ಬಂದೋಬಸ್ತ್ ಕಲ್ಪಿಸಲಾಗಿತ್ತು.

ಕೋಲಾರದಲ್ಲಿ ಯೋಗಿ ವೇಮನ ಜಯಂತಿ ಮೆರವಣಿಗೆ.
ಯೋಗಿ ವೇಮನರ ಜಯಂತಿ ಅಂಗವಾಗಿ ನಗರದಲ್ಲಿ ಭವ್ಯ ಮೆರವಣಿಗೆ ನಡೆಯಿತು. ಕಲಾತಂಡಗಳು ಮೆರವಣಿಗೆಗೆ ಮೆರುಗು ನೀಡಿದವು. ಮುಖಂಡರು ವೇಮನರ ಭಾವಚಿತ್ರಕ್ಕೆ ಪುಷ್ಪನಮನ ಸಲ್ಲಿಸಿದರು. ವೇಮನರ ವಚನಗಳು ಇಂದಿಗೂ ಪ್ರಸ್ತುತ. ಸಮಾಜದ ಅಂಕುಡೊಂಕುಗಳನ್ನು ತಿದ್ದುವ ಕೆಲಸವನ್ನು ಅವರು ಮಾಡಿದರು ಎಂದು ಉಪನ್ಯಾಸಕರು ಹೇಳಿದರು. ಸರಳ ಭಾಷೆಯಲ್ಲಿ ಜೀವನ ಮೌಲ್ಯಗಳನ್ನು ತಿಳಿಸಿದ ಮಹಾನ್ ಸಂತ ಎಂದು ಬಣ್ಣಿಸಿದರು. ಮೆರವಣಿಗೆ ಬಳಿಕ ನಡೆದ ಸಭಾ ಕಾರ್ಯಕ್ರಮದಲ್ಲಿ ಸಾಧಕರನ್ನು ಸನ್ಮಾನಿಸಲಾಯಿತು. ವಿದ್ಯಾರ್ಥಿಗಳಿಗೆ ಪ್ರಶಸ್ತಿ ವಿತರಿಸಲಾಯಿತು. ಸಮುದಾಯದ ಮುಖಂಡರು ಮಾತನಾಡಿ, ಯುವಜನರು ವೇಮನರ ಆದರ್ಶಗಳನ್ನು ಅಳವಡಿಸಿಕೊಳ್ಳಬೇಕು ಎಂದು ಕರೆ ನೀಡಿದರು. ಕಾರ್ಯಕ್ರಮದಲ್ಲಿ ಜನಪ್ರತಿನಿಧಿಗಳು, ಅಧಿಕಾರಿಗಳು, ವಿವಿಧ ಸಂಘಟನೆಗಳ ಪದಾಧಿಕಾರಿಗಳು ಹಾಗೂ ಸಾವಿರಾರು ಸಾರ್ವಜನಿಕರು ಭಾಗವಹಿಸಿದ್ದರು. ಪೊಲೀಸ್ ಬಂದೋಬಸ್ತ್ ಕಲ್ಪಿಸಲಾಗಿತ್ತು.
